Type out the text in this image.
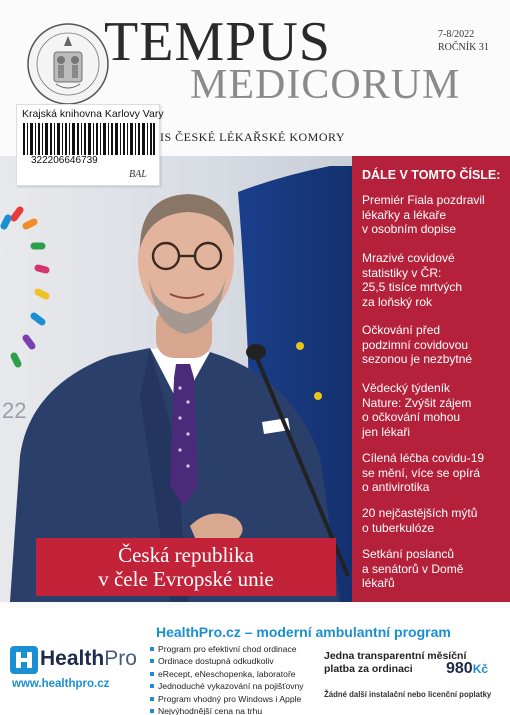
TEMPUS
MEDICORUM
7-8/2022
ROČNÍK 31
IS ČESKÉ LÉKAŘSKÉ KOMORY
22
Česká republika
v čele Evropské unie
DÁLE V TOMTO ČÍSLE:
Premiér Fiala pozdravil
lékařky a lékaře
v osobním dopise
Mrazivé covidové
statistiky v ČR:
25,5 tisíce mrtvých
za loňský rok
Očkování před
podzimní covidovou
sezonou je nezbytné
Vědecký týdeník
Nature: Zvýšit zájem
o očkování mohou
jen lékaři
Cílená léčba covidu-19
se mění, více se opírá
o antivirotika
20 nejčastějších mýtů
o tuberkulóze
Setkání poslanců
a senátorů v Domě
lékařů
Krajská knihovna Karlovy Vary
322206646739
BAL
HealthPro.cz – moderní ambulantní program
HealthPro
www.healthpro.cz
Program pro efektivní chod ordinace
Ordinace dostupná odkudkoliv
eRecept, eNeschopenka, laboratoře
Jednoduché vykazování na pojišťovny
Program vhodný pro Windows i Apple
Nejvýhodnější cena na trhu
Jedna transparentní měsíční
platba za ordinaci	980Kč
Žádné další instalační nebo licenční poplatky
